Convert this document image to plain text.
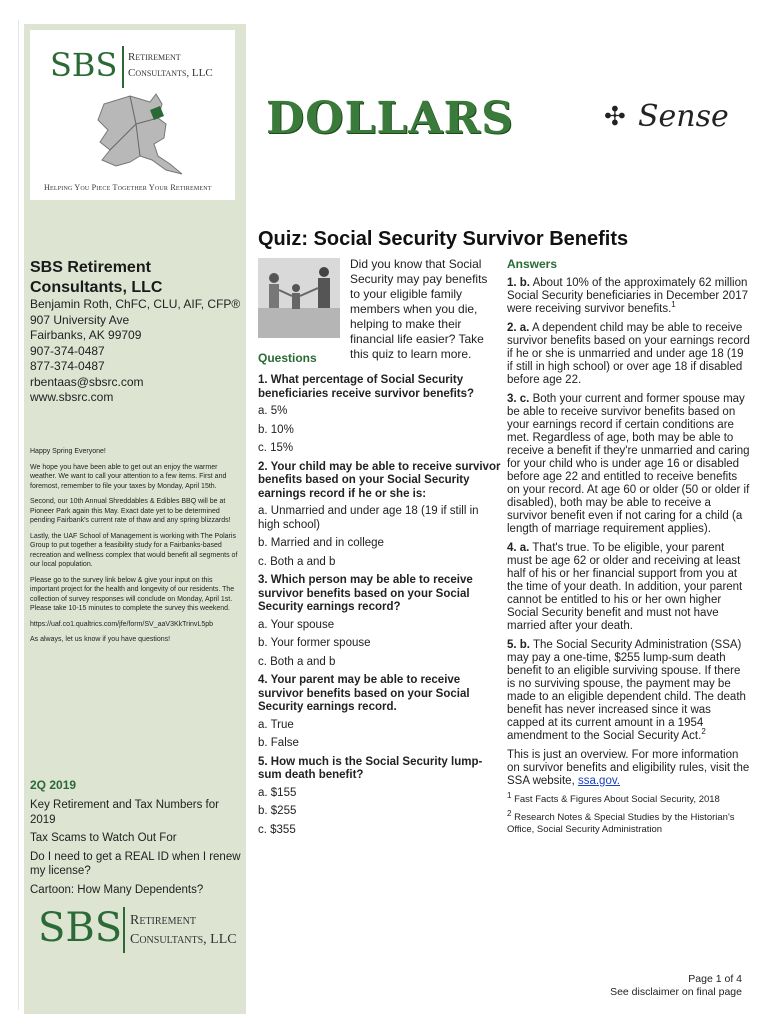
SBS Retirement
Consultants, LLC
Helping You Piece Together Your Retirement
DOLLARS	✣ Sense
SBS Retirement Consultants, LLC
Benjamin Roth, ChFC, CLU, AIF, CFP®
907 University Ave
Fairbanks, AK 99709
907-374-0487
877-374-0487
rbentaas@sbsrc.com
www.sbsrc.com

Happy Spring Everyone!

We hope you have been able to get out an enjoy the warmer weather. We want to call your attention to a few items. First and foremost, remember to file your taxes by Monday, April 15th.

Second, our 10th Annual Shreddables & Edibles BBQ will be at Pioneer Park again this May. Exact date yet to be determined pending Fairbank's current rate of thaw and any spring blizzards!

Lastly, the UAF School of Management is working with The Polaris Group to put together a feasibility study for a Fairbanks-based recreation and wellness complex that would benefit all segments of our local population.

Please go to the survey link below & give your input on this important project for the health and longevity of our residents. The collection of survey responses will conclude on Monday, April 1st. Please take 10-15 minutes to complete the survey this weekend.

https://uaf.co1.qualtrics.com/jfe/form/SV_aaV3KkTrinvL5pb

As always, let us know if you have questions!

2Q 2019
Key Retirement and Tax Numbers for 2019
Tax Scams to Watch Out For
Do I need to get a REAL ID when I renew my license?
Cartoon: How Many Dependents?
SBS Retirement
Consultants, LLC
Quiz: Social Security Survivor Benefits
Did you know that Social Security may pay benefits to your eligible family members when you die, helping to make their financial life easier? Take this quiz to learn more.
Questions
1. What percentage of Social Security beneficiaries receive survivor benefits?
a. 5%
b. 10%
c. 15%
2. Your child may be able to receive survivor benefits based on your Social Security earnings record if he or she is:
a. Unmarried and under age 18 (19 if still in high school)
b. Married and in college
c. Both a and b
3. Which person may be able to receive survivor benefits based on your Social Security earnings record?
a. Your spouse
b. Your former spouse
c. Both a and b
4. Your parent may be able to receive survivor benefits based on your Social Security earnings record.
a. True
b. False
5. How much is the Social Security lump-sum death benefit?
a. $155
b. $255
c. $355
Answers

1. b. About 10% of the approximately 62 million Social Security beneficiaries in December 2017 were receiving survivor benefits.$^1$

2. a. A dependent child may be able to receive survivor benefits based on your earnings record if he or she is unmarried and under age 18 (19 if still in high school) or over age 18 if disabled before age 22.

3. c. Both your current and former spouse may be able to receive survivor benefits based on your earnings record if certain conditions are met. Regardless of age, both may be able to receive a benefit if they're unmarried and caring for your child who is under age 16 or disabled before age 22 and entitled to receive benefits on your record. At age 60 or older (50 or older if disabled), both may be able to receive a survivor benefit even if not caring for a child (a length of marriage requirement applies).

4. a. That's true. To be eligible, your parent must be age 62 or older and receiving at least half of his or her financial support from you at the time of your death. In addition, your parent cannot be entitled to his or her own higher Social Security benefit and must not have married after your death.

5. b. The Social Security Administration (SSA) may pay a one-time, $255 lump-sum death benefit to an eligible surviving spouse. If there is no surviving spouse, the payment may be made to an eligible dependent child. The death benefit has never increased since it was capped at its current amount in a 1954 amendment to the Social Security Act.$^2$

This is just an overview. For more information on survivor benefits and eligibility rules, visit the SSA website, ssa.gov.

$^1$ Fast Facts & Figures About Social Security, 2018

$^2$ Research Notes & Special Studies by the Historian's Office, Social Security Administration

Page 1 of 4
See disclaimer on final page
